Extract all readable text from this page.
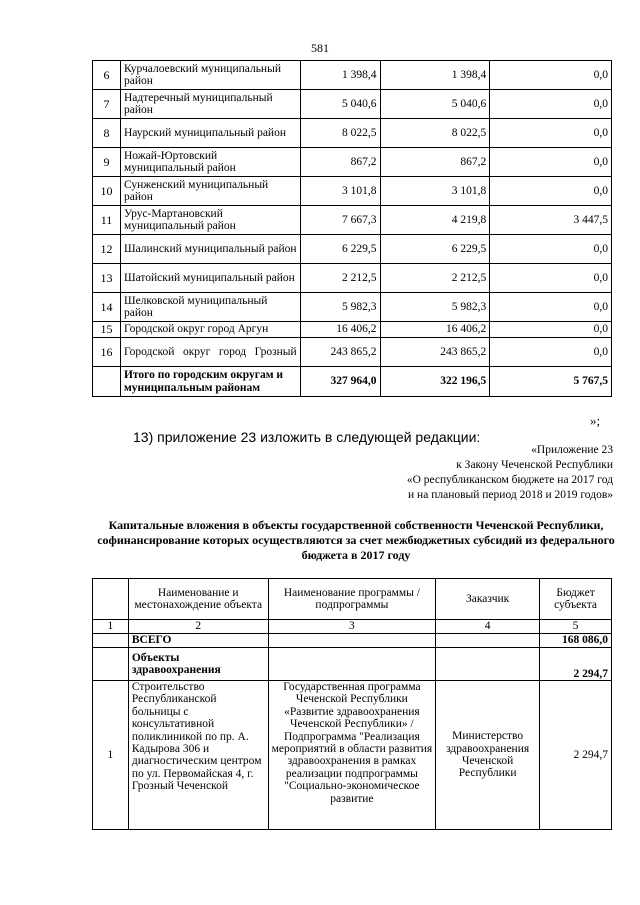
581
6	Курчалоевский муниципальный район	1 398,4	1 398,4	0,0
7	Надтеречный муниципальный район	5 040,6	5 040,6	0,0
8	Наурский муниципальный район	8 022,5	8 022,5	0,0
9	Ножай-Юртовский муниципальный район	867,2	867,2	0,0
10	Сунженский муниципальный район	3 101,8	3 101,8	0,0
11	Урус-Мартановский муниципальный район	7 667,3	4 219,8	3 447,5
12	Шалинский муниципальный район	6 229,5	6 229,5	0,0
13	Шатойский муниципальный район	2 212,5	2 212,5	0,0
14	Шелковской муниципальный район	5 982,3	5 982,3	0,0
15	Городской округ город Аргун	16 406,2	16 406,2	0,0
16	Городской округ город Грозный	243 865,2	243 865,2	0,0
	Итого по городским округам и муниципальным районам	327 964,0	322 196,5	5 767,5
»;
13) приложение 23 изложить в следующей редакции:
«Приложение 23
к Закону Чеченской Республики
«О республиканском бюджете на 2017 год
и на плановый период 2018 и 2019 годов»
Капитальные вложения в объекты государственной собственности Чеченской Республики, софинансирование которых осуществляются за счет межбюджетных субсидий из федерального бюджета в 2017 году
	Наименование и местонахождение объекта	Наименование программы / подпрограммы	Заказчик	Бюджет субъекта
1	2	3	4	5
	ВСЕГО			168 086,0
	Объекты здравоохранения			2 294,7
1	Строительство Республиканской больницы с консультативной поликлиникой по пр. А. Кадырова 306 и диагностическим центром по ул. Первомайская 4, г. Грозный Чеченской	Государственная программа Чеченской Республики «Развитие здравоохранения Чеченской Республики» / Подпрограмма "Реализация мероприятий в области развития здравоохранения в рамках реализации подпрограммы "Социально-экономическое развитие	Министерство здравоохранения Чеченской Республики	2 294,7
